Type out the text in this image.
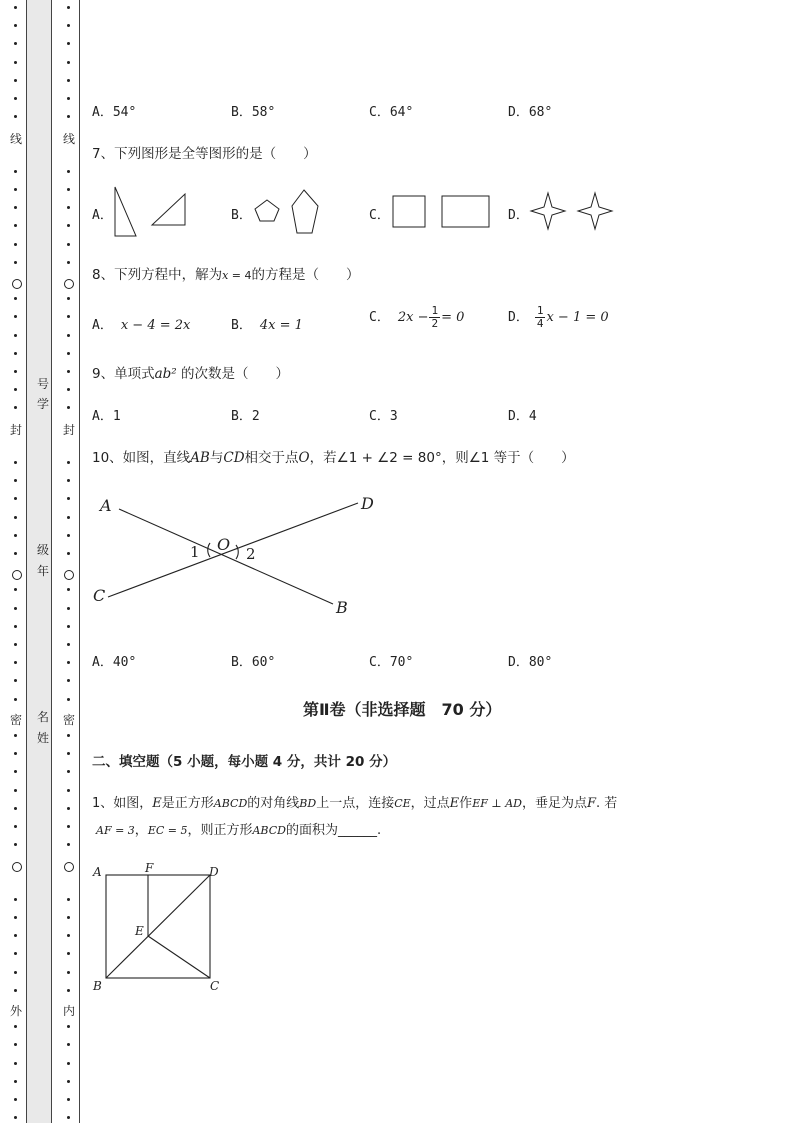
线
封
密
外
线
封
密
内
号
学
级
年
名
姓
A．54°	B．58°	C．64°	D．68°
7、下列图形是全等图形的是（　　）
A．	B．	C．	D．
8、下列方程中，解为x = 4的方程是（　　）
A． x − 4 = 2x	B． 4x = 1
C． $2x - \frac{1}{2} = 0$	D． $\frac{1}{4}$ x − 1 = 0
9、单项式ab² 的次数是（　　）
A．1	B．2	C．3	D．4
10、如图，直线AB与CD相交于点O，若∠1 + ∠2 = 80°，则∠1 等于（　　）
A	D
C
B
O
1	2
A．40°	B．60°	C．70°	D．80°
第Ⅱ卷（非选择题　70 分）
二、填空题（5 小题，每小题 4 分，共计 20 分）
1、如图，E是正方形ABCD的对角线BD上一点，连接CE，过点E作EF ⊥ AD，垂足为点F. 若
AF = 3，EC = 5，则正方形ABCD的面积为______.
A	F	D
E
B	C
